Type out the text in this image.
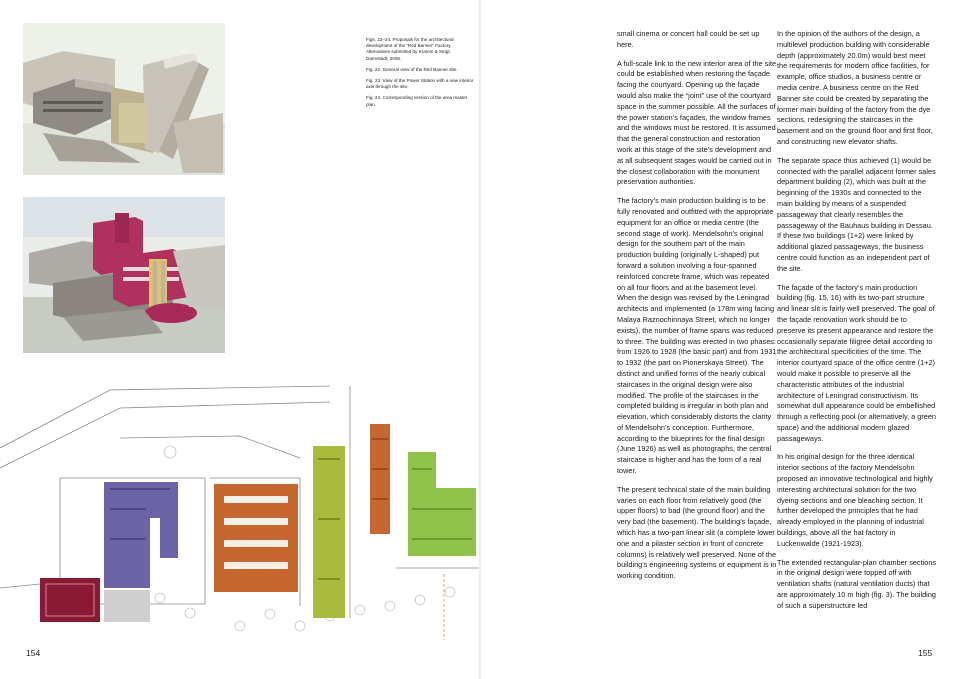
Figs. 22–24. Proposals for the architectural development of the “Red Banner” Factory. Alternatives submitted by Kramm & Strigl, Darmstadt, 2008.

Fig. 22. General view of the Red Banner site.

Fig. 23. View of the Power Station with a new interior axis through the site.

Fig. 24. Corresponding version of the area master plan.

small cinema or concert hall could be set up here.

A full-scale link to the new interior area of the site could be established when restoring the façade facing the courtyard. Opening up the façade would also make the “joint” use of the courtyard space in the summer possible. All the surfaces of the power station’s façades, the window frames and the windows must be restored. It is assumed that the general construction and restoration work at this stage of the site’s development and at all subsequent stages would be carried out in the closest collaboration with the monument preservation authorities.

The factory’s main production building is to be fully renovated and outfitted with the appropriate equipment for an office or media centre (the second stage of work). Mendelsohn’s original design for the southern part of the main production building (originally L-shaped) put forward a solution involving a four-spanned reinforced concrete frame, which was repeated on all four floors and at the basement level. When the design was revised by the Leningrad architects and implemented (a 178m wing facing Malaya Raznochinnaya Street, which no longer exists), the number of frame spans was reduced to three. The building was erected in two phases: from 1926 to 1928 (the basic part) and from 1931 to 1932 (the part on Pionerskaya Street). The distinct and unified forms of the nearly cubical staircases in the original design were also modified. The profile of the staircases in the completed building is irregular in both plan and elevation, which considerably distorts the clarity of Mendelsohn’s conception. Furthermore, according to the blueprints for the final design (June 1926) as well as photographs, the central staircase is higher and has the form of a real tower.

The present technical state of the main building varies on each floor from relatively good (the upper floors) to bad (the ground floor) and the very bad (the basement). The building’s façade, which has a two-part linear slit (a complete lower one and a pilaster section in front of concrete columns) is relatively well preserved. None of the building’s engineering systems or equipment is in working condition.

In the opinion of the authors of the design, a multilevel production building with considerable depth (approximately 20.0m) would best meet the requirements for modern office facilities, for example, office studios, a business centre or media centre. A business centre on the Red Banner site could be created by separating the former main building of the factory from the dye sections, redesigning the staircases in the basement and on the ground floor and first floor, and constructing new elevator shafts.

The separate space thus achieved (1) would be connected with the parallel adjacent former sales department building (2), which was built at the beginning of the 1930s and connected to the main building by means of a suspended passageway that clearly resembles the passageway of the Bauhaus building in Dessau. If these two buildings (1+2) were linked by additional glazed passageways, the business centre could function as an independent part of the site.

The façade of the factory’s main production building (fig. 15, 16) with its two-part structure and linear slit is fairly well preserved. The goal of the façade renovation work should be to preserve its present appearance and restore the occasionally separate filigree detail according to the architectural specificities of the time. The interior courtyard space of the office centre (1+2) would make it possible to preserve all the characteristic attributes of the industrial architecture of Leningrad constructivism. Its somewhat dull appearance could be embellished through a reflecting pool (or alternatively, a green space) and the additional modern glazed passageways.

In his original design for the three identical interior sections of the factory Mendelsohn proposed an innovative technological and highly interesting architectural solution for the two dyeing sections and one bleaching section. It further developed the principles that he had already employed in the planning of industrial buildings, above all the hat factory in Luckenwalde (1921-1923).

The extended rectangular-plan chamber sections in the original design were topped off with ventilation shafts (natural ventilation ducts) that are approximately 10 m high (fig. 3). The building of such a superstructure led

154	155
